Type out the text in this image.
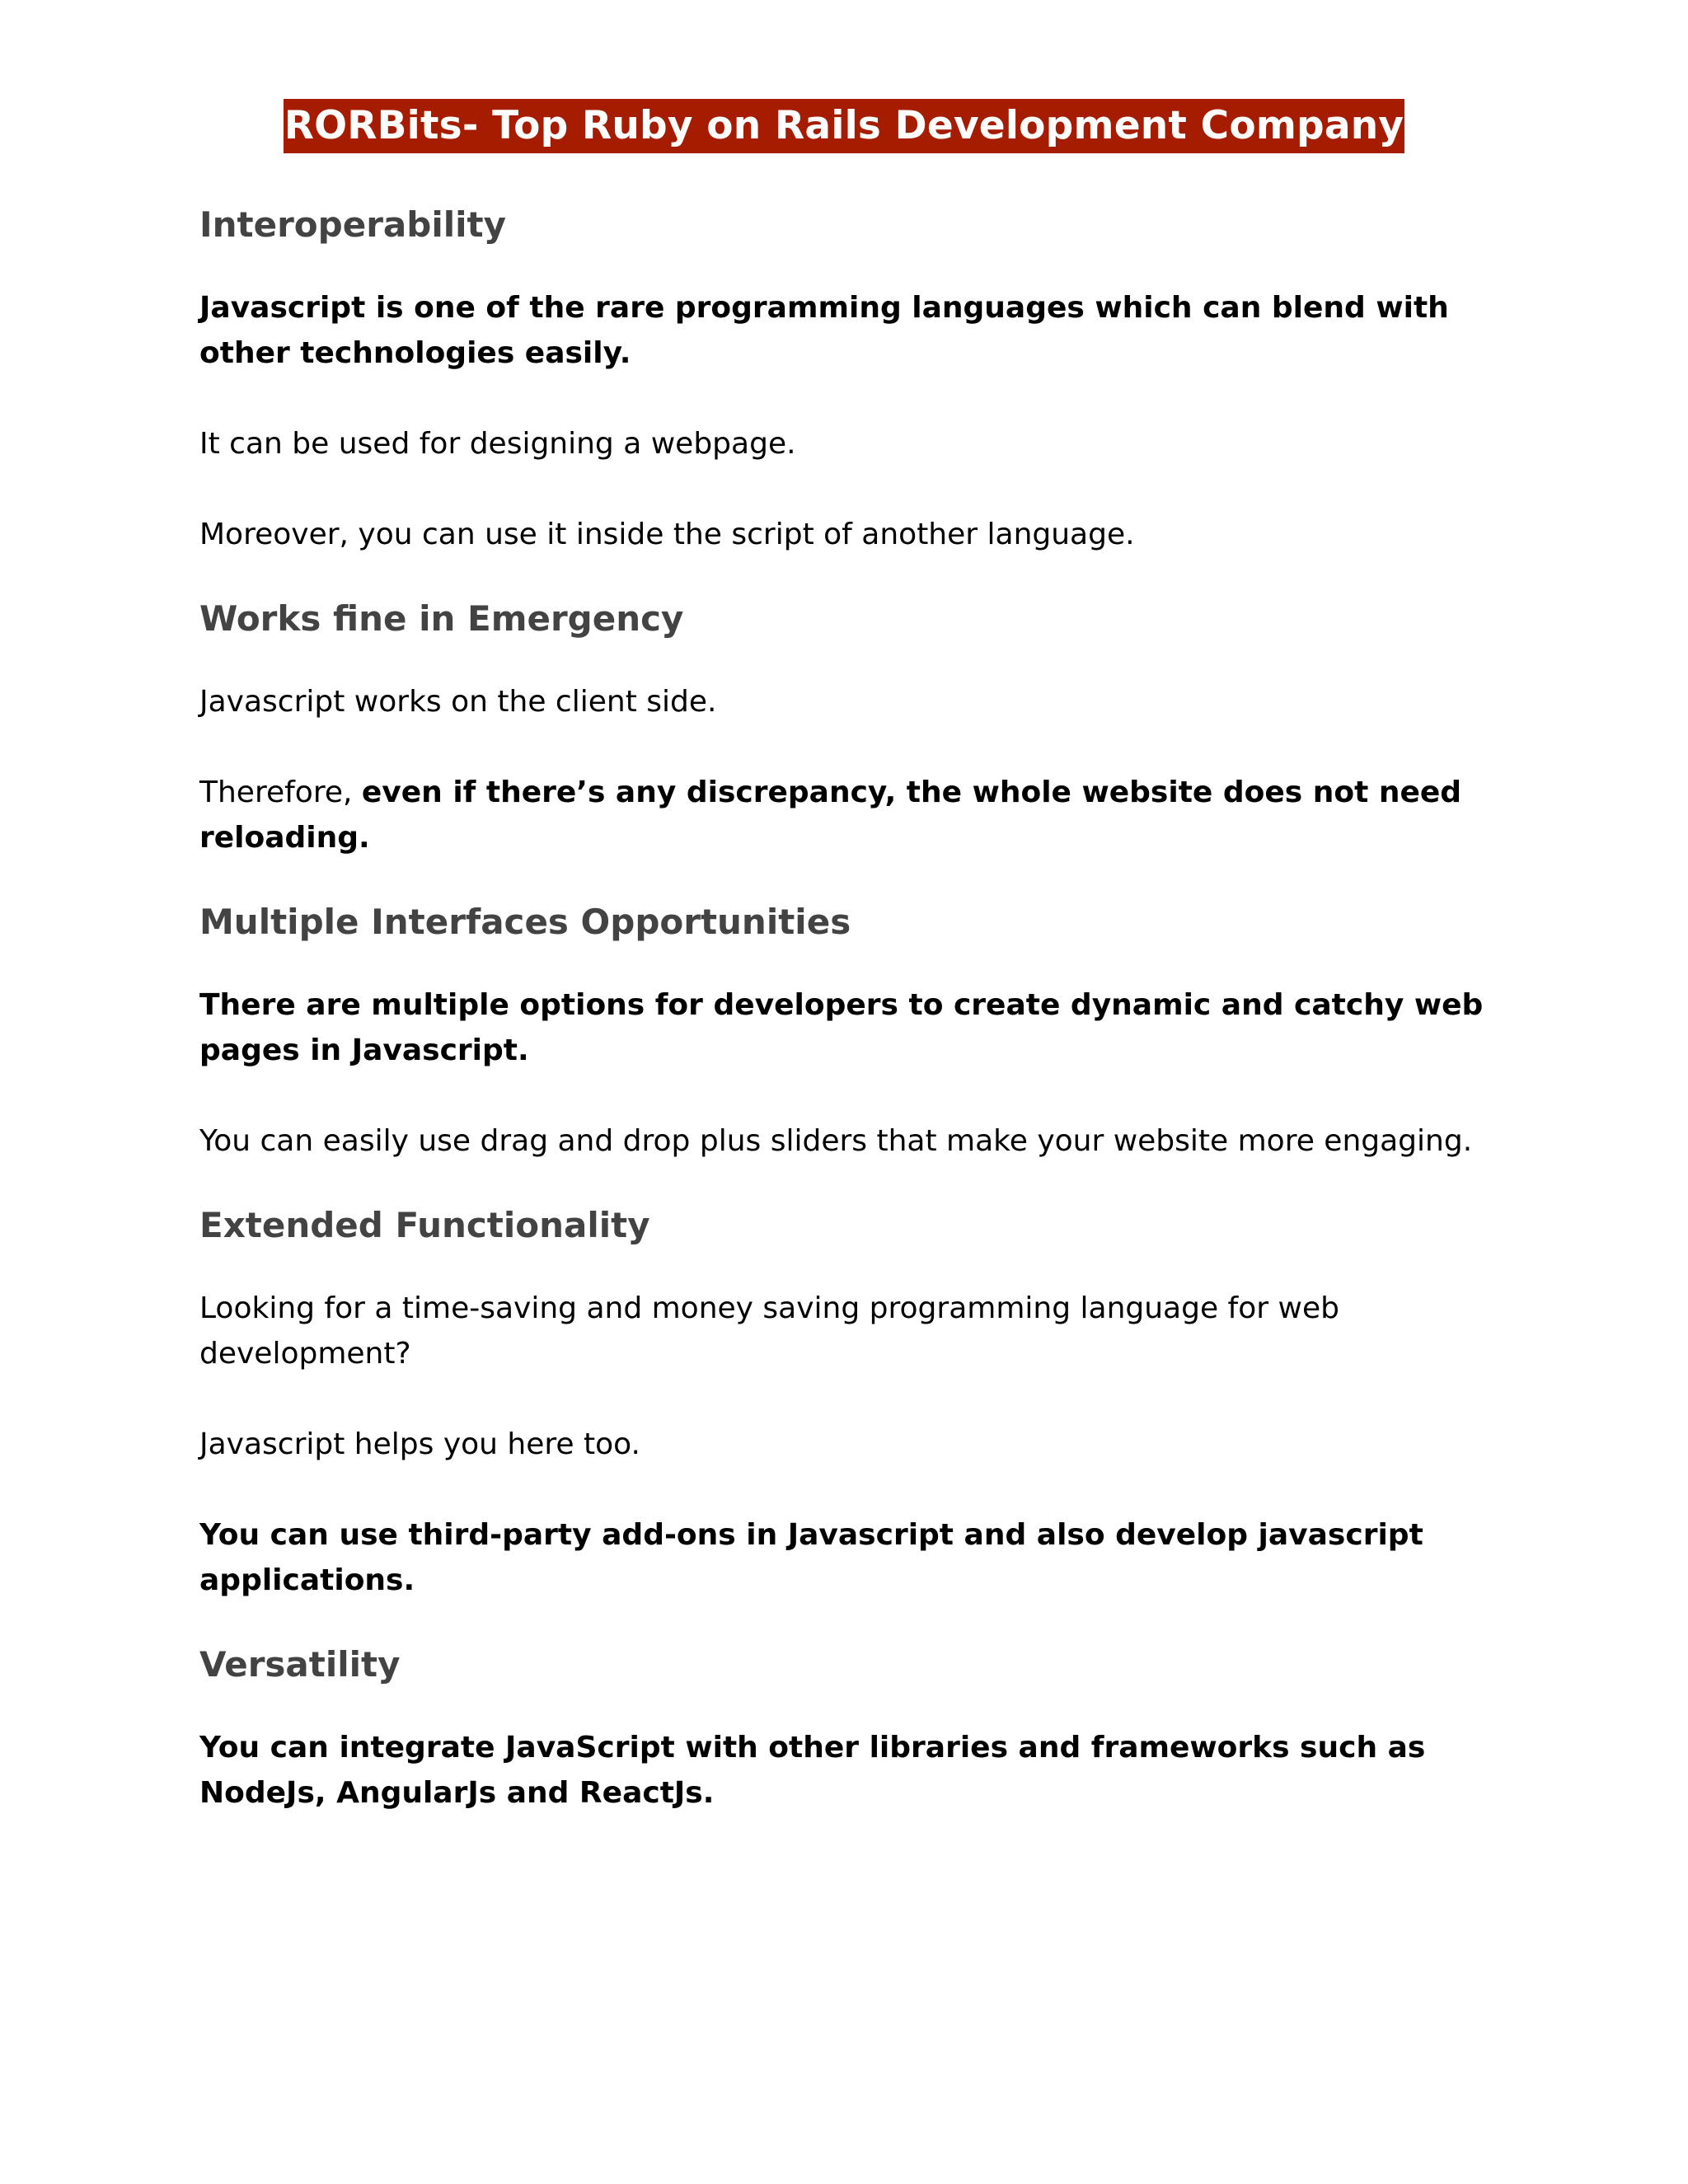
RORBits- Top Ruby on Rails Development Company
Interoperability

Javascript is one of the rare programming languages which can blend with other technologies easily.

It can be used for designing a webpage.

Moreover, you can use it inside the script of another language.

Works fine in Emergency

Javascript works on the client side.

Therefore, even if there’s any discrepancy, the whole website does not need reloading.

Multiple Interfaces Opportunities

There are multiple options for developers to create dynamic and catchy web pages in Javascript.

You can easily use drag and drop plus sliders that make your website more engaging.

Extended Functionality

Looking for a time-saving and money saving programming language for web development?

Javascript helps you here too.

You can use third-party add-ons in Javascript and also develop javascript applications.

Versatility

You can integrate JavaScript with other libraries and frameworks such as NodeJs, AngularJs and ReactJs.
